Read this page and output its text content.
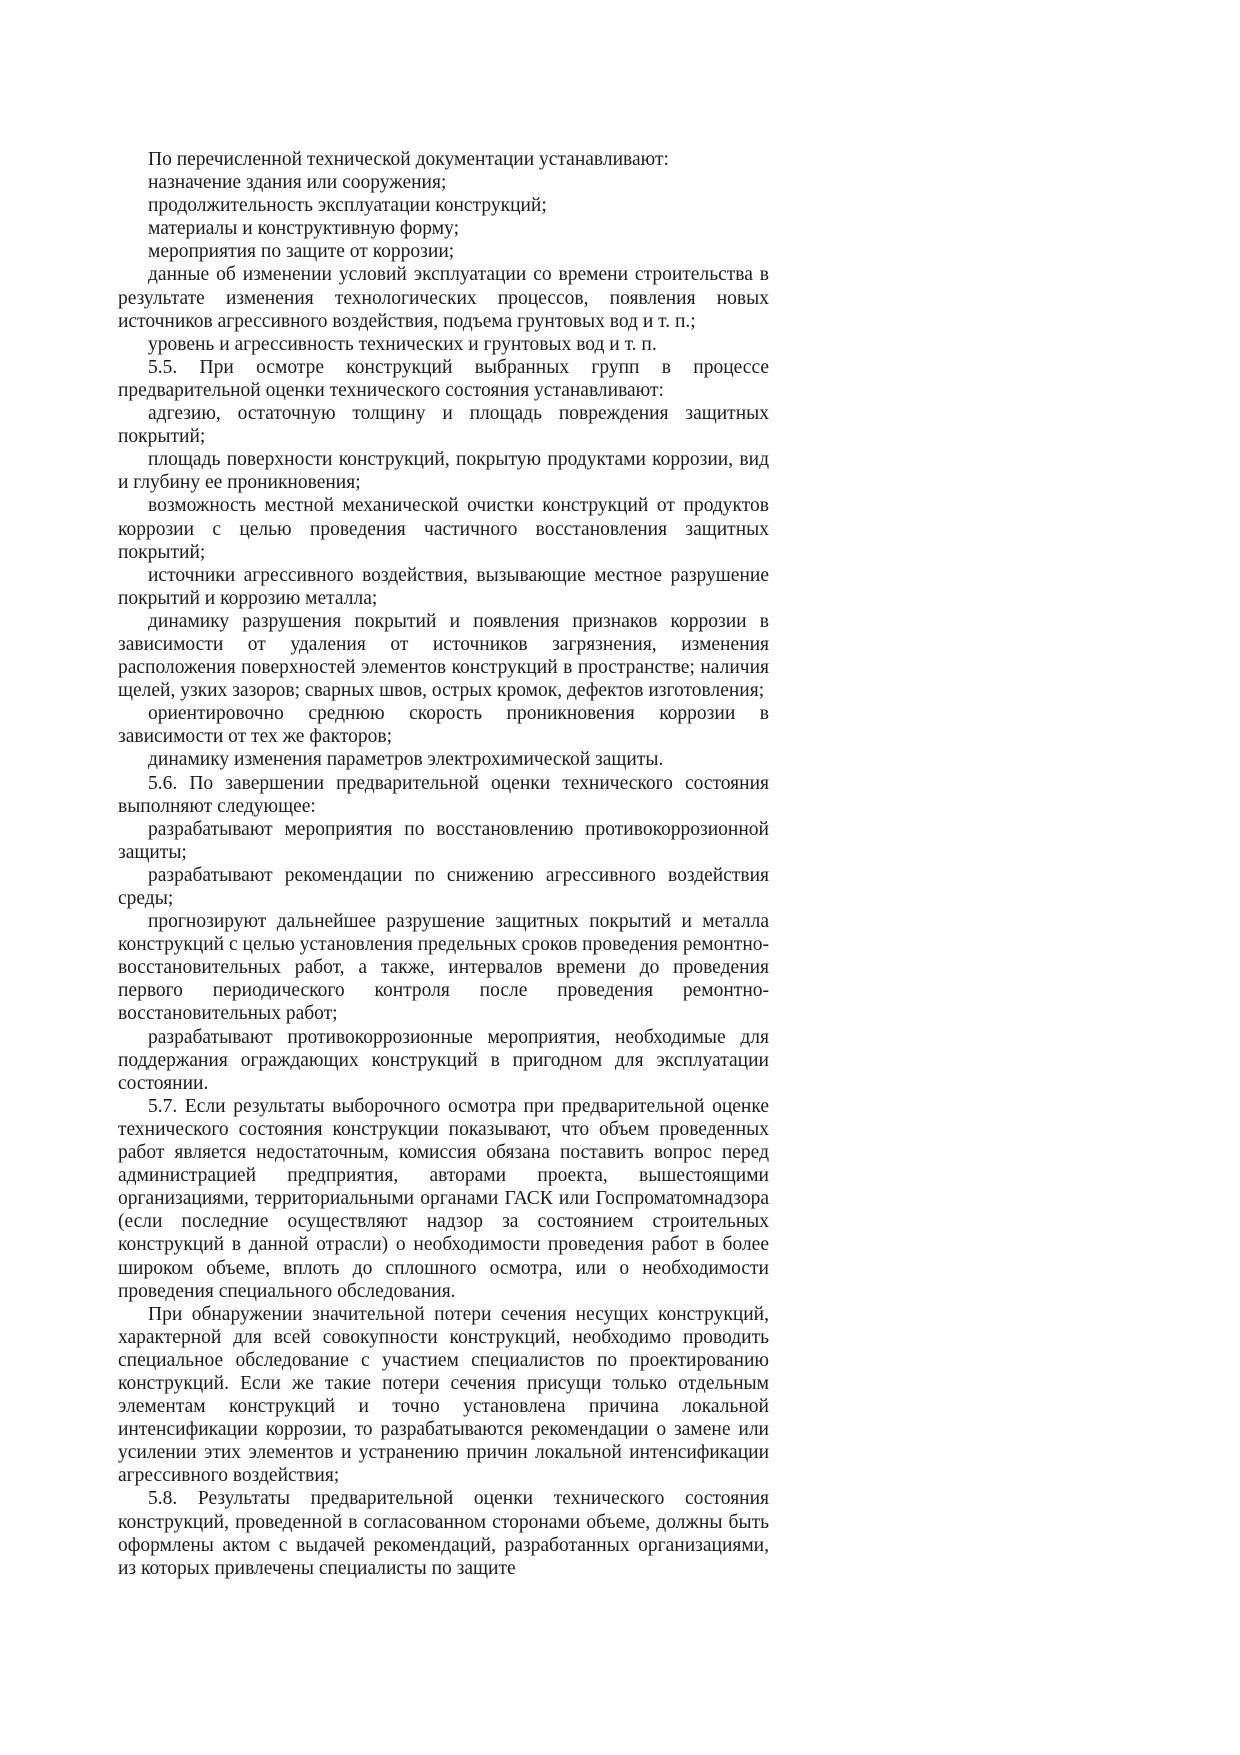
По перечисленной технической документации устанавливают:

назначение здания или сооружения;

продолжительность эксплуатации конструкций;

материалы и конструктивную форму;

мероприятия по защите от коррозии;

данные об изменении условий эксплуатации со времени строительства в результате изменения технологических процессов, появления новых источников агрессивного воздействия, подъема грунтовых вод и т. п.;

уровень и агрессивность технических и грунтовых вод и т. п.

5.5. При осмотре конструкций выбранных групп в процессе предварительной оценки технического состояния устанавливают:

адгезию, остаточную толщину и площадь повреждения защитных покрытий;

площадь поверхности конструкций, покрытую продуктами коррозии, вид и глубину ее проникновения;

возможность местной механической очистки конструкций от продуктов коррозии с целью проведения частичного восстановления защитных покрытий;

источники агрессивного воздействия, вызывающие местное разрушение покрытий и коррозию металла;

динамику разрушения покрытий и появления признаков коррозии в зависимости от удаления от источников загрязнения, изменения расположения поверхностей элементов конструкций в пространстве; наличия щелей, узких зазоров; сварных швов, острых кромок, дефектов изготовления;

ориентировочно среднюю скорость проникновения коррозии в зависимости от тех же факторов;

динамику изменения параметров электрохимической защиты.

5.6. По завершении предварительной оценки технического состояния выполняют следующее:

разрабатывают мероприятия по восстановлению противокоррозионной защиты;

разрабатывают рекомендации по снижению агрессивного воздействия среды;

прогнозируют дальнейшее разрушение защитных покрытий и металла конструкций с целью установления предельных сроков проведения ремонтно-восстановительных работ, а также, интервалов времени до проведения первого периодического контроля после проведения ремонтно-восстановительных работ;

разрабатывают противокоррозионные мероприятия, необходимые для поддержания ограждающих конструкций в пригодном для эксплуатации состоянии.

5.7. Если результаты выборочного осмотра при предварительной оценке технического состояния конструкции показывают, что объем проведенных работ является недостаточным, комиссия обязана поставить вопрос перед администрацией предприятия, авторами проекта, вышестоящими организациями, территориальными органами ГАСК или Госпроматомнадзора (если последние осуществляют надзор за состоянием строительных конструкций в данной отрасли) о необходимости проведения работ в более широком объеме, вплоть до сплошного осмотра, или о необходимости проведения специального обследования.

При обнаружении значительной потери сечения несущих конструкций, характерной для всей совокупности конструкций, необходимо проводить специальное обследование с участием специалистов по проектированию конструкций. Если же такие потери сечения присущи только отдельным элементам конструкций и точно установлена причина локальной интенсификации коррозии, то разрабатываются рекомендации о замене или усилении этих элементов и устранению причин локальной интенсификации агрессивного воздействия;

5.8. Результаты предварительной оценки технического состояния конструкций, проведенной в согласованном сторонами объеме, должны быть оформлены актом с выдачей рекомендаций, разработанных организациями, из которых привлечены специалисты по защите
